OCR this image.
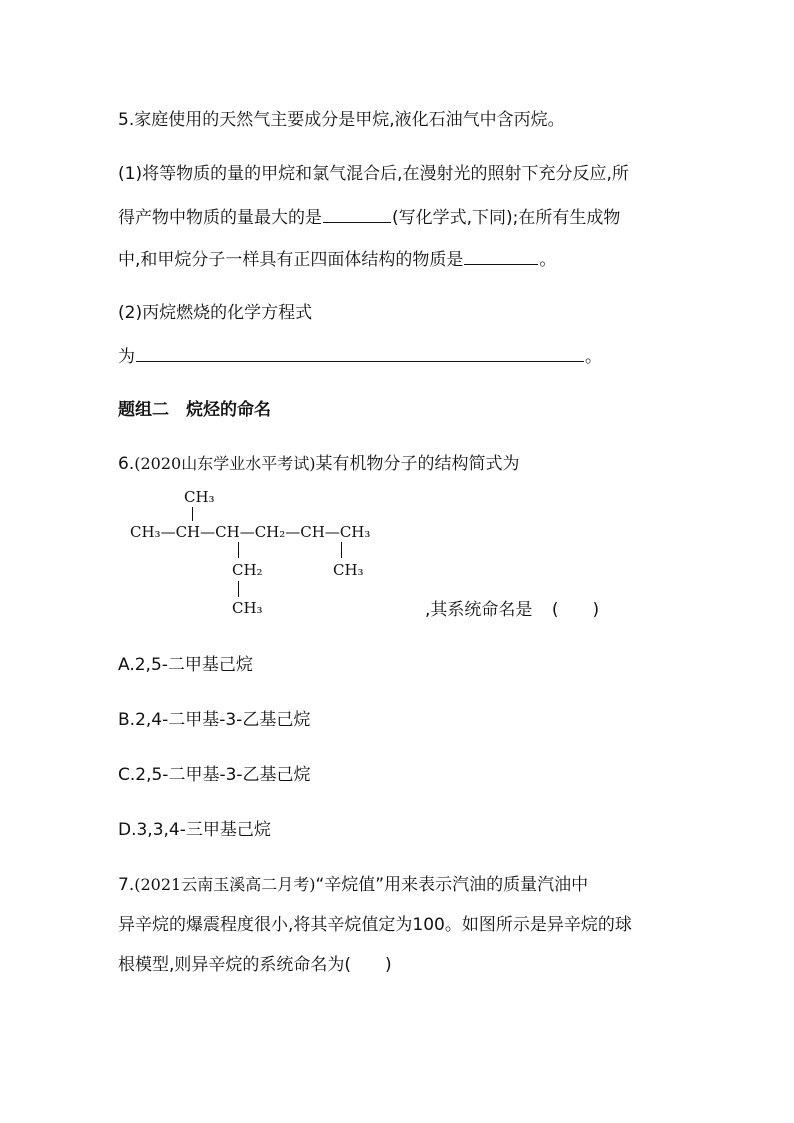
5.家庭使用的天然气主要成分是甲烷,液化石油气中含丙烷。
(1)将等物质的量的甲烷和氯气混合后,在漫射光的照射下充分反应,所
得产物中物质的量最大的是	(写化学式,下同);在所有生成物
中,和甲烷分子一样具有正四面体结构的物质是	。
(2)丙烷燃烧的化学方程式
为	。
题组二　烷烃的命名
6.(2020山东学业水平考试)某有机物分子的结构简式为
CH₃
CH₃—CH—CH—CH₂—CH—CH₃
CH₂	CH₃
CH₃	,其系统命名是 (　　)
A.2,5-二甲基己烷
B.2,4-二甲基-3-乙基己烷
C.2,5-二甲基-3-乙基己烷
D.3,3,4-三甲基己烷
7.(2021云南玉溪高二月考)“辛烷值”用来表示汽油的质量汽油中
异辛烷的爆震程度很小,将其辛烷值定为100。如图所示是异辛烷的球
根模型,则异辛烷的系统命名为(　　)
